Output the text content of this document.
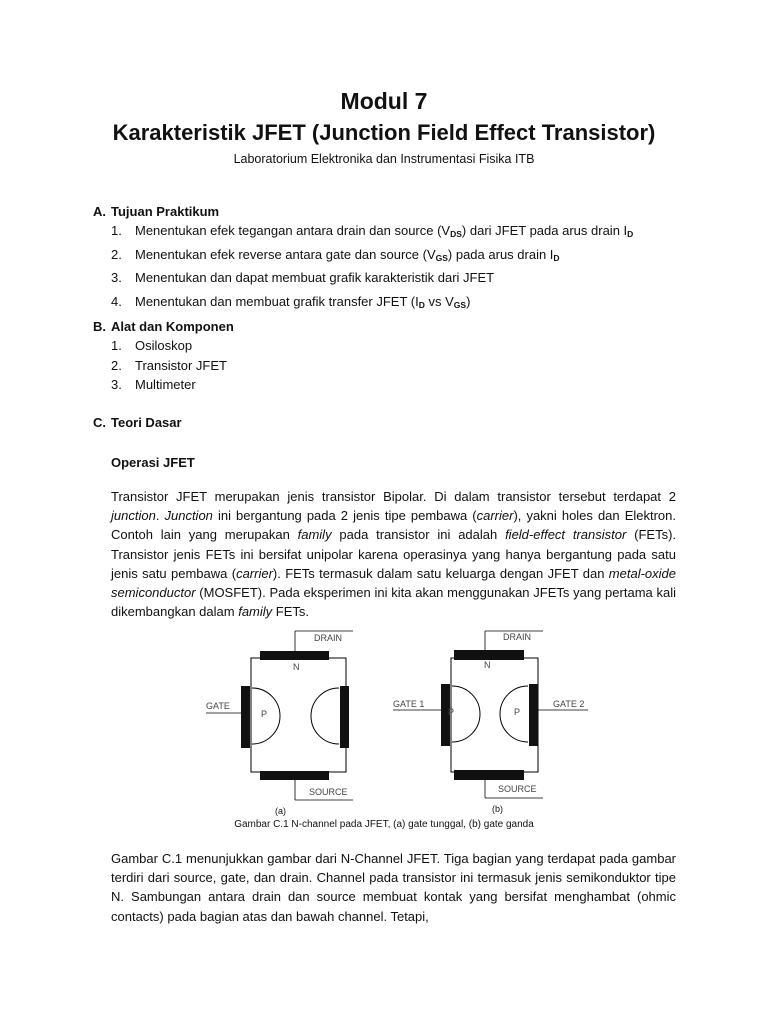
Modul 7
Karakteristik JFET (Junction Field Effect Transistor)
Laboratorium Elektronika dan Instrumentasi Fisika ITB
A. Tujuan Praktikum
1.	Menentukan efek tegangan antara drain dan source $(V_{DS})$ dari JFET pada arus drain $I_D$
2.	Menentukan efek reverse antara gate dan source $(V_{GS})$ pada arus drain $I_D$
3.	Menentukan dan dapat membuat grafik karakteristik dari JFET
4.	Menentukan dan membuat grafik transfer JFET ($I_D$ vs $V_{GS}$)
B. Alat dan Komponen
1.	Osiloskop
2.	Transistor JFET
3.	Multimeter
C. Teori Dasar
Operasi JFET
Transistor JFET merupakan jenis transistor Bipolar. Di dalam transistor tersebut terdapat 2 junction. Junction ini bergantung pada 2 jenis tipe pembawa (carrier), yakni holes dan Elektron. Contoh lain yang merupakan family pada transistor ini adalah field-effect transistor (FETs). Transistor jenis FETs ini bersifat unipolar karena operasinya yang hanya bergantung pada satu jenis satu pembawa (carrier). FETs termasuk dalam satu keluarga dengan JFET dan metal-oxide semiconductor (MOSFET). Pada eksperimen ini kita akan menggunakan JFETs yang pertama kali dikembangkan dalam family FETs.
DRAIN
SOURCE
GATE
N
P
(a)
DRAIN
SOURCE
GATE 1	GATE 2
N
P	P
(b)
Gambar C.1 N-channel pada JFET, (a) gate tunggal, (b) gate ganda
Gambar C.1 menunjukkan gambar dari N-Channel JFET. Tiga bagian yang terdapat pada gambar terdiri dari source, gate, dan drain. Channel pada transistor ini termasuk jenis semikonduktor tipe N. Sambungan antara drain dan source membuat kontak yang bersifat menghambat (ohmic contacts) pada bagian atas dan bawah channel. Tetapi,
